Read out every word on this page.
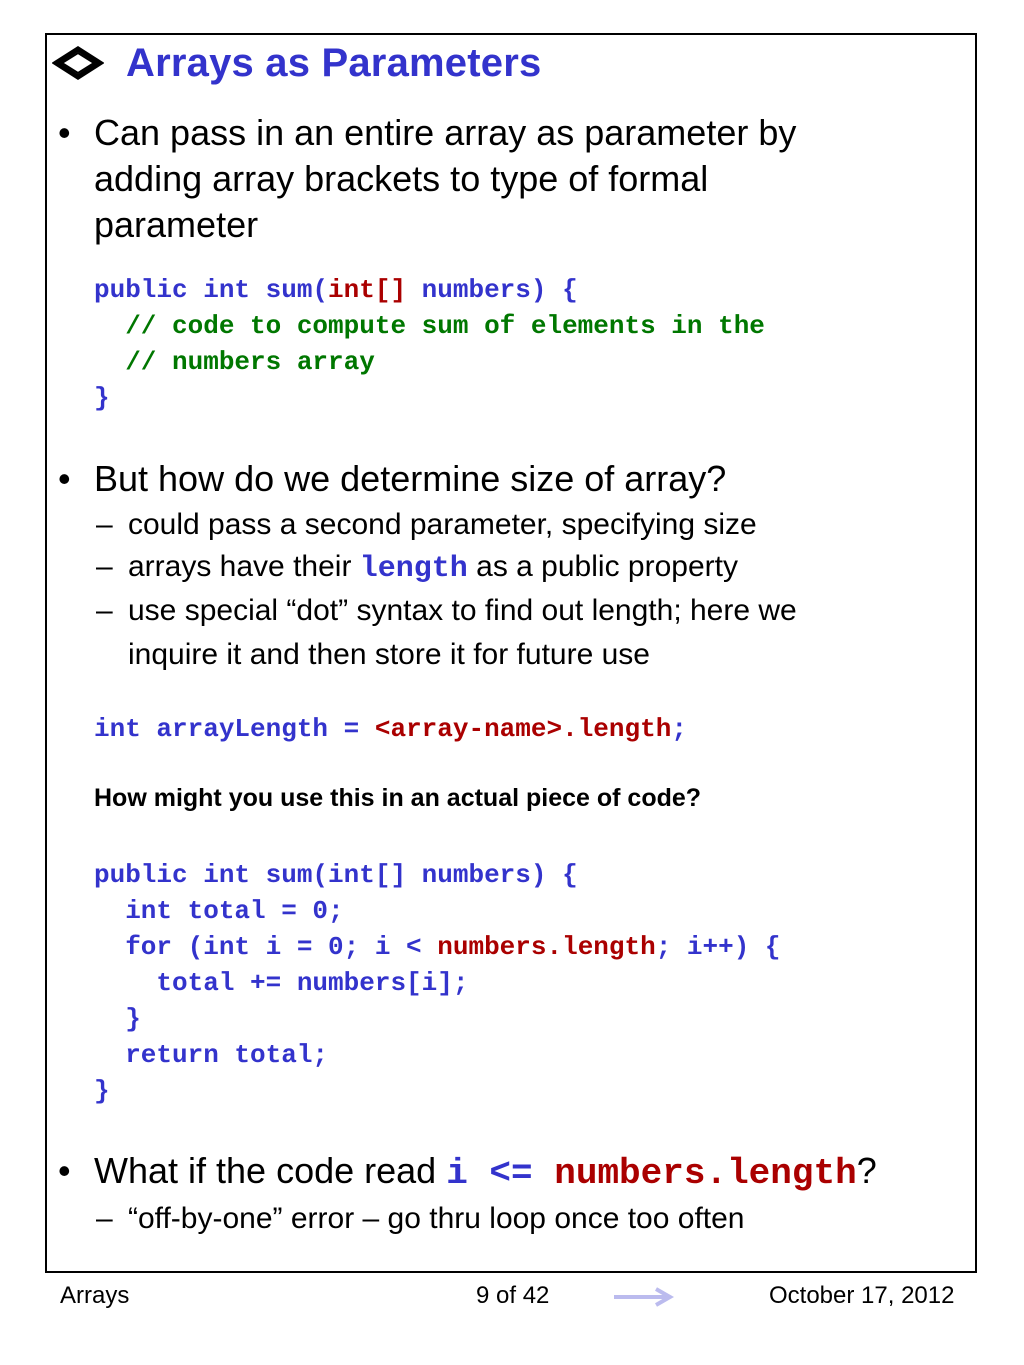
Arrays as Parameters
• Can pass in an entire array as parameter by
adding array brackets to type of formal
parameter
public int sum(int[] numbers) {
// code to compute sum of elements in the
// numbers array
}
• But how do we determine size of array?
– could pass a second parameter, specifying size
– arrays have their length as a public property
– use special “dot” syntax to find out length; here we
inquire it and then store it for future use
int arrayLength = <array-name>.length;
How might you use this in an actual piece of code?
public int sum(int[] numbers) {
int total = 0;
for (int i = 0; i < numbers.length; i++) {
total += numbers[i];
}
return total;
}
• What if the code read i <= numbers.length?
– “off-by-one” error – go thru loop once too often
Arrays	9 of 42	October 17, 2012
